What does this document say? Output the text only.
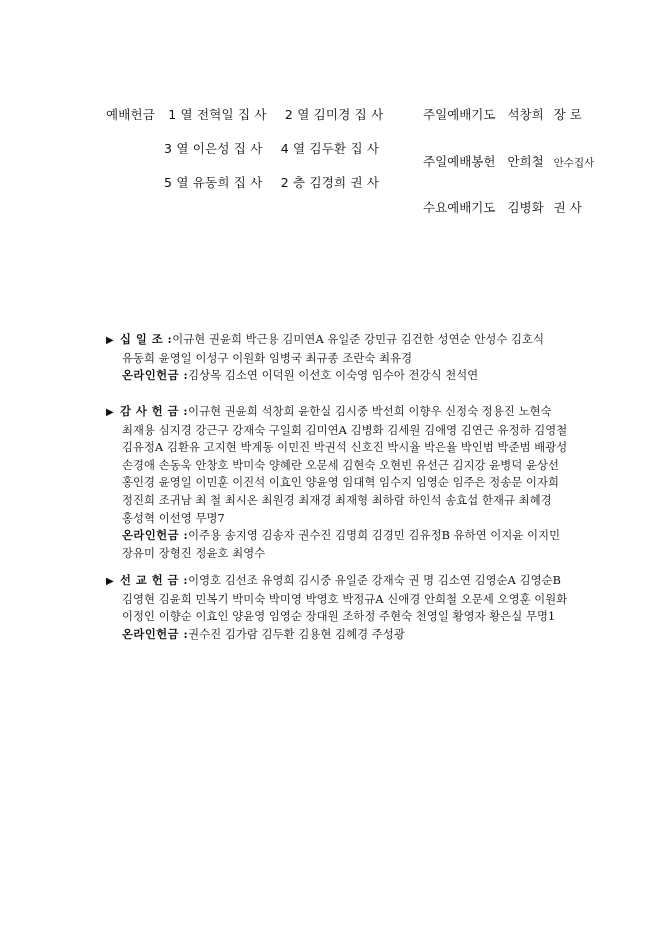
예배헌금 1 열 전혁일 집 사 2 열 김미경 집 사
3 열 이은성 집 사 4 열 김두환 집 사
5 열 유동희 집 사 2 층 김경희 권 사
주일예배기도 석창희 장 로
주일예배봉헌 안희철 안수집사
수요예배기도 김병화 권 사
▶ 십 일 조 :이규현 권윤희 박근용 김미연A 유일준 강민규 김건한 성연순 안성수 김호식
유동희 윤영일 이성구 이원화 임병국 최규종 조란숙 최유경
온라인헌금 :김상목 김소연 이덕원 이선호 이숙영 임수아 전강식 천석연
▶ 감 사 헌 금 :이규현 권윤희 석창희 윤한실 김시중 박선희 이향우 신정숙 정용진 노현숙
최재용 심지경 강근구 강재숙 구일회 김미연A 김병화 김세원 김애영 김연근 유정하 김영철
김유정A 김환유 고지현 박계동 이민진 박권석 신호진 박시율 박은율 박인범 박준범 배광성
손경애 손동욱 안창호 박미숙 양혜란 오문세 김현숙 오현빈 유선근 김지강 윤병덕 윤상선
홍인경 윤영일 이민훈 이진석 이효인 양윤영 임대혁 임수지 임영순 임주은 정송문 이자희
정진희 조귀남 최 철 최시온 최원경 최재경 최재형 최하람 하인석 송효섭 한재규 최혜경
홍성혁 이선영 무명7
온라인헌금 :이주용 송지영 김송자 권수진 김명희 김경민 김유정B 유하연 이지윤 이지민
장유미 장형진 정윤호 최영수
▶ 선 교 헌 금 :이영호 김선조 유영희 김시중 유일준 강재숙 권 명 김소연 김영순A 김영순B
김영현 김윤희 민복기 박미숙 박미영 박영호 박정규A 신애경 안희철 오문세 오영훈 이원화
이정인 이향순 이효인 양윤영 임영순 장대원 조하정 주현숙 천영일 황영자 황은실 무명1
온라인헌금 :권수진 김가람 김두환 김용현 김혜경 주성광
